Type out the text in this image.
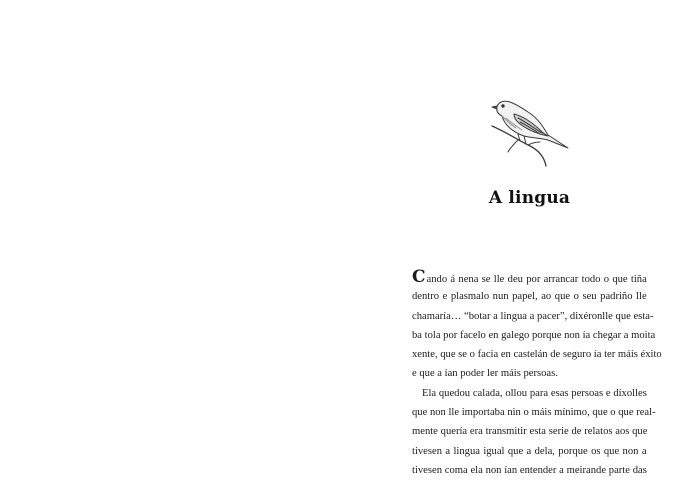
A lingua
Cando á nena se lle deu por arrancar todo o que tiña
dentro e plasmalo nun papel, ao que o seu padriño lle
chamaría… “botar a lingua a pacer”, dixéronlle que esta-
ba tola por facelo en galego porque non ía chegar a moita
xente, que se o facía en castelán de seguro ía ter máis éxito
e que a ían poder ler máis persoas.
Ela quedou calada, ollou para esas persoas e díxolles
que non lle importaba nin o máis mínimo, que o que real-
mente quería era transmitir esta serie de relatos aos que
tivesen a lingua igual que a dela, porque os que non a
tivesen coma ela non ían entender a meirande parte das
